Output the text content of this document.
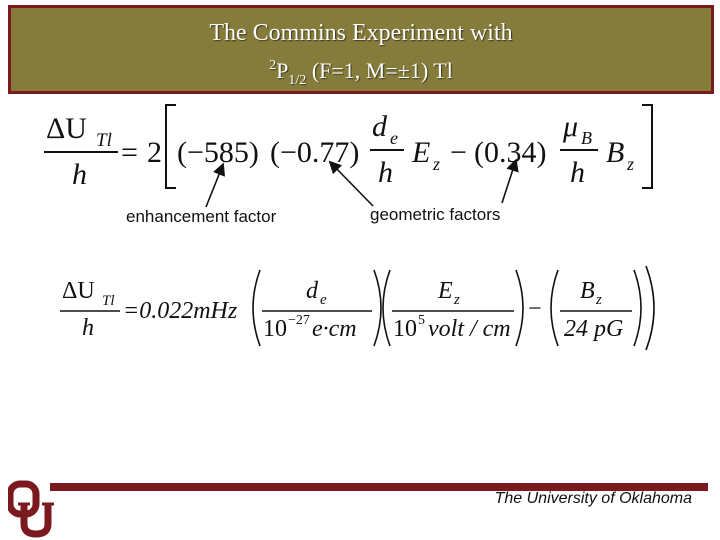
The Commins Experiment with
$^2P_{1/2}$ (F=1, M=±1) Tl
ΔU Tl
h
= 2 (−585) (−0.77)
d e
h
E z − (0.34)
μ B
h
B z
enhancement factor	geometric factors
ΔU Tl
h
=0.022mHz
d e
10 −27 e·cm
E z
10 5 volt / cm
−
B z
24 pG
The University of Oklahoma
